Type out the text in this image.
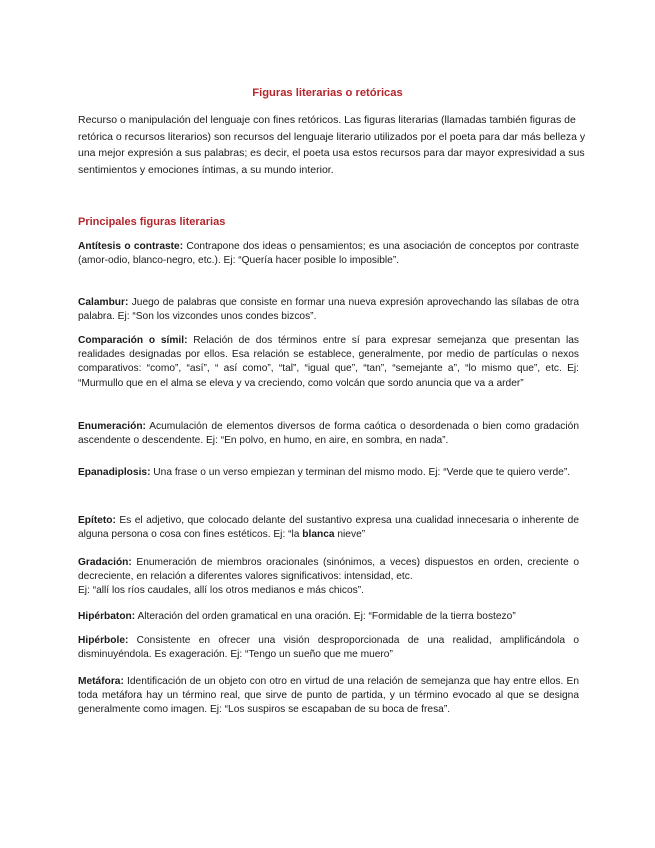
Figuras literarias o retóricas

Recurso o manipulación del lenguaje con fines retóricos. Las figuras literarias (llamadas también figuras de retórica o recursos literarios) son recursos del lenguaje literario utilizados por el poeta para dar más belleza y una mejor expresión a sus palabras; es decir, el poeta usa estos recursos para dar mayor expresividad a sus sentimientos y emociones íntimas, a su mundo interior.

Principales figuras literarias

Antítesis o contraste: Contrapone dos ideas o pensamientos; es una asociación de conceptos por contraste (amor-odio, blanco-negro, etc.). Ej: “Quería hacer posible lo imposible”.

Calambur: Juego de palabras que consiste en formar una nueva expresión aprovechando las sílabas de otra palabra. Ej: “Son los vizcondes unos condes bizcos”.

Comparación o símil: Relación de dos términos entre sí para expresar semejanza que presentan las realidades designadas por ellos. Esa relación se establece, generalmente, por medio de partículas o nexos comparativos: “como”, “así”, “ así como”, “tal”, “igual que”, “tan”, “semejante a”, “lo mismo que”, etc. Ej: “Murmullo que en el alma se eleva y va creciendo, como volcán que sordo anuncia que va a arder”

Enumeración: Acumulación de elementos diversos de forma caótica o desordenada o bien como gradación ascendente o descendente. Ej: “En polvo, en humo, en aire, en sombra, en nada”.

Epanadiplosis: Una frase o un verso empiezan y terminan del mismo modo. Ej: “Verde que te quiero verde”.

Epíteto: Es el adjetivo, que colocado delante del sustantivo expresa una cualidad innecesaria o inherente de alguna persona o cosa con fines estéticos. Ej: “la blanca nieve”

Gradación: Enumeración de miembros oracionales (sinónimos, a veces) dispuestos en orden, creciente o decreciente, en relación a diferentes valores significativos: intensidad, etc.
Ej: “allí los ríos caudales, allí los otros medianos e más chicos”.

Hipérbaton: Alteración del orden gramatical en una oración. Ej: “Formidable de la tierra bostezo”

Hipérbole: Consistente en ofrecer una visión desproporcionada de una realidad, amplificándola o disminuyéndola. Es exageración. Ej: “Tengo un sueño que me muero”

Metáfora: Identificación de un objeto con otro en virtud de una relación de semejanza que hay entre ellos. En toda metáfora hay un término real, que sirve de punto de partida, y un término evocado al que se designa generalmente como imagen. Ej: “Los suspiros se escapaban de su boca de fresa”.
